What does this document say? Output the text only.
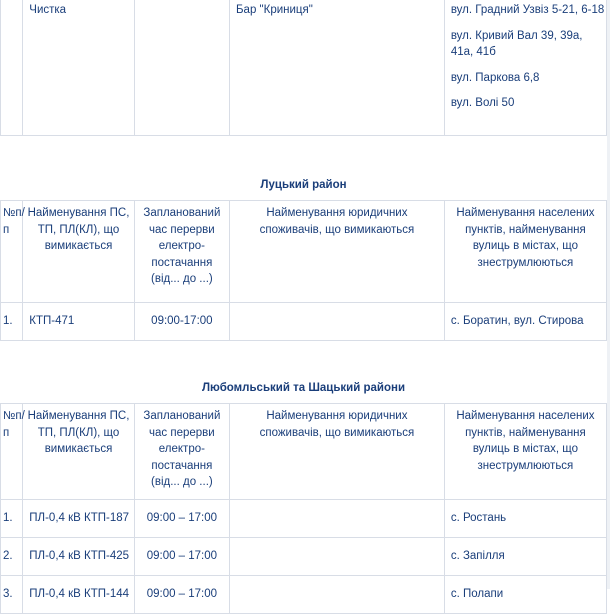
	Чистка		Бар "Криниця"	вул. Градний Узвіз 5-21, 6-18

вул. Кривий Вал 39, 39а, 41а, 41б

вул. Паркова 6,8

вул. Волі 50

Луцький район				
№п/п	Найменування ПС, ТП, ПЛ(КЛ), що вимикається	Запланований час перерви електро-постачання (від... до ...)	Найменування юридичних споживачів, що вимикаються	Найменування населених пунктів, найменування вулиць в містах, що знеструмлюються
1.	КТП-471	09:00-17:00		с. Боратин, вул. Стирова
Любомльський та Шацький райони				
№п/п	Найменування ПС, ТП, ПЛ(КЛ), що вимикається	Запланований час перерви електро-постачання (від... до ...)	Найменування юридичних споживачів, що вимикаються	Найменування населених пунктів, найменування вулиць в містах, що знеструмлюються
1.	ПЛ-0,4 кВ КТП-187	09:00 – 17:00		с. Ростань
2.	ПЛ-0,4 кВ КТП-425	09:00 – 17:00		с. Запілля
3.	ПЛ-0,4 кВ КТП-144	09:00 – 17:00		с. Полапи
